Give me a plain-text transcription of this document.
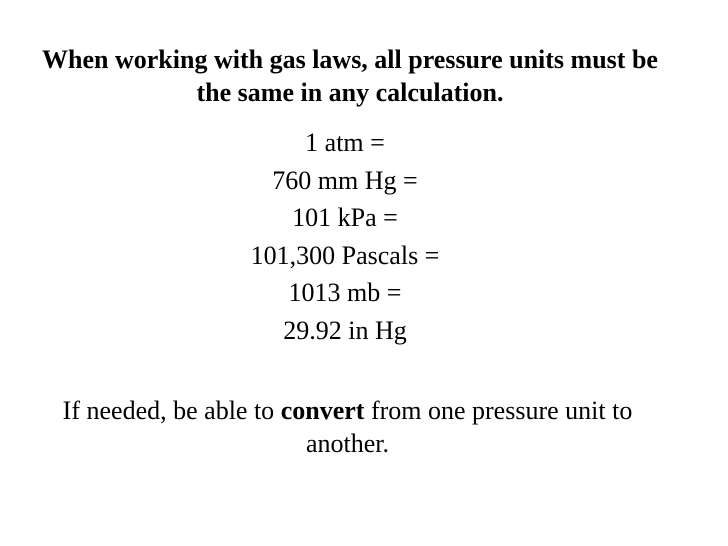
When working with gas laws, all pressure units must be the same in any calculation.
1 atm =
760 mm Hg =
101 kPa =
101,300 Pascals =
1013 mb =
29.92 in Hg
If needed, be able to convert from one pressure unit to another.
